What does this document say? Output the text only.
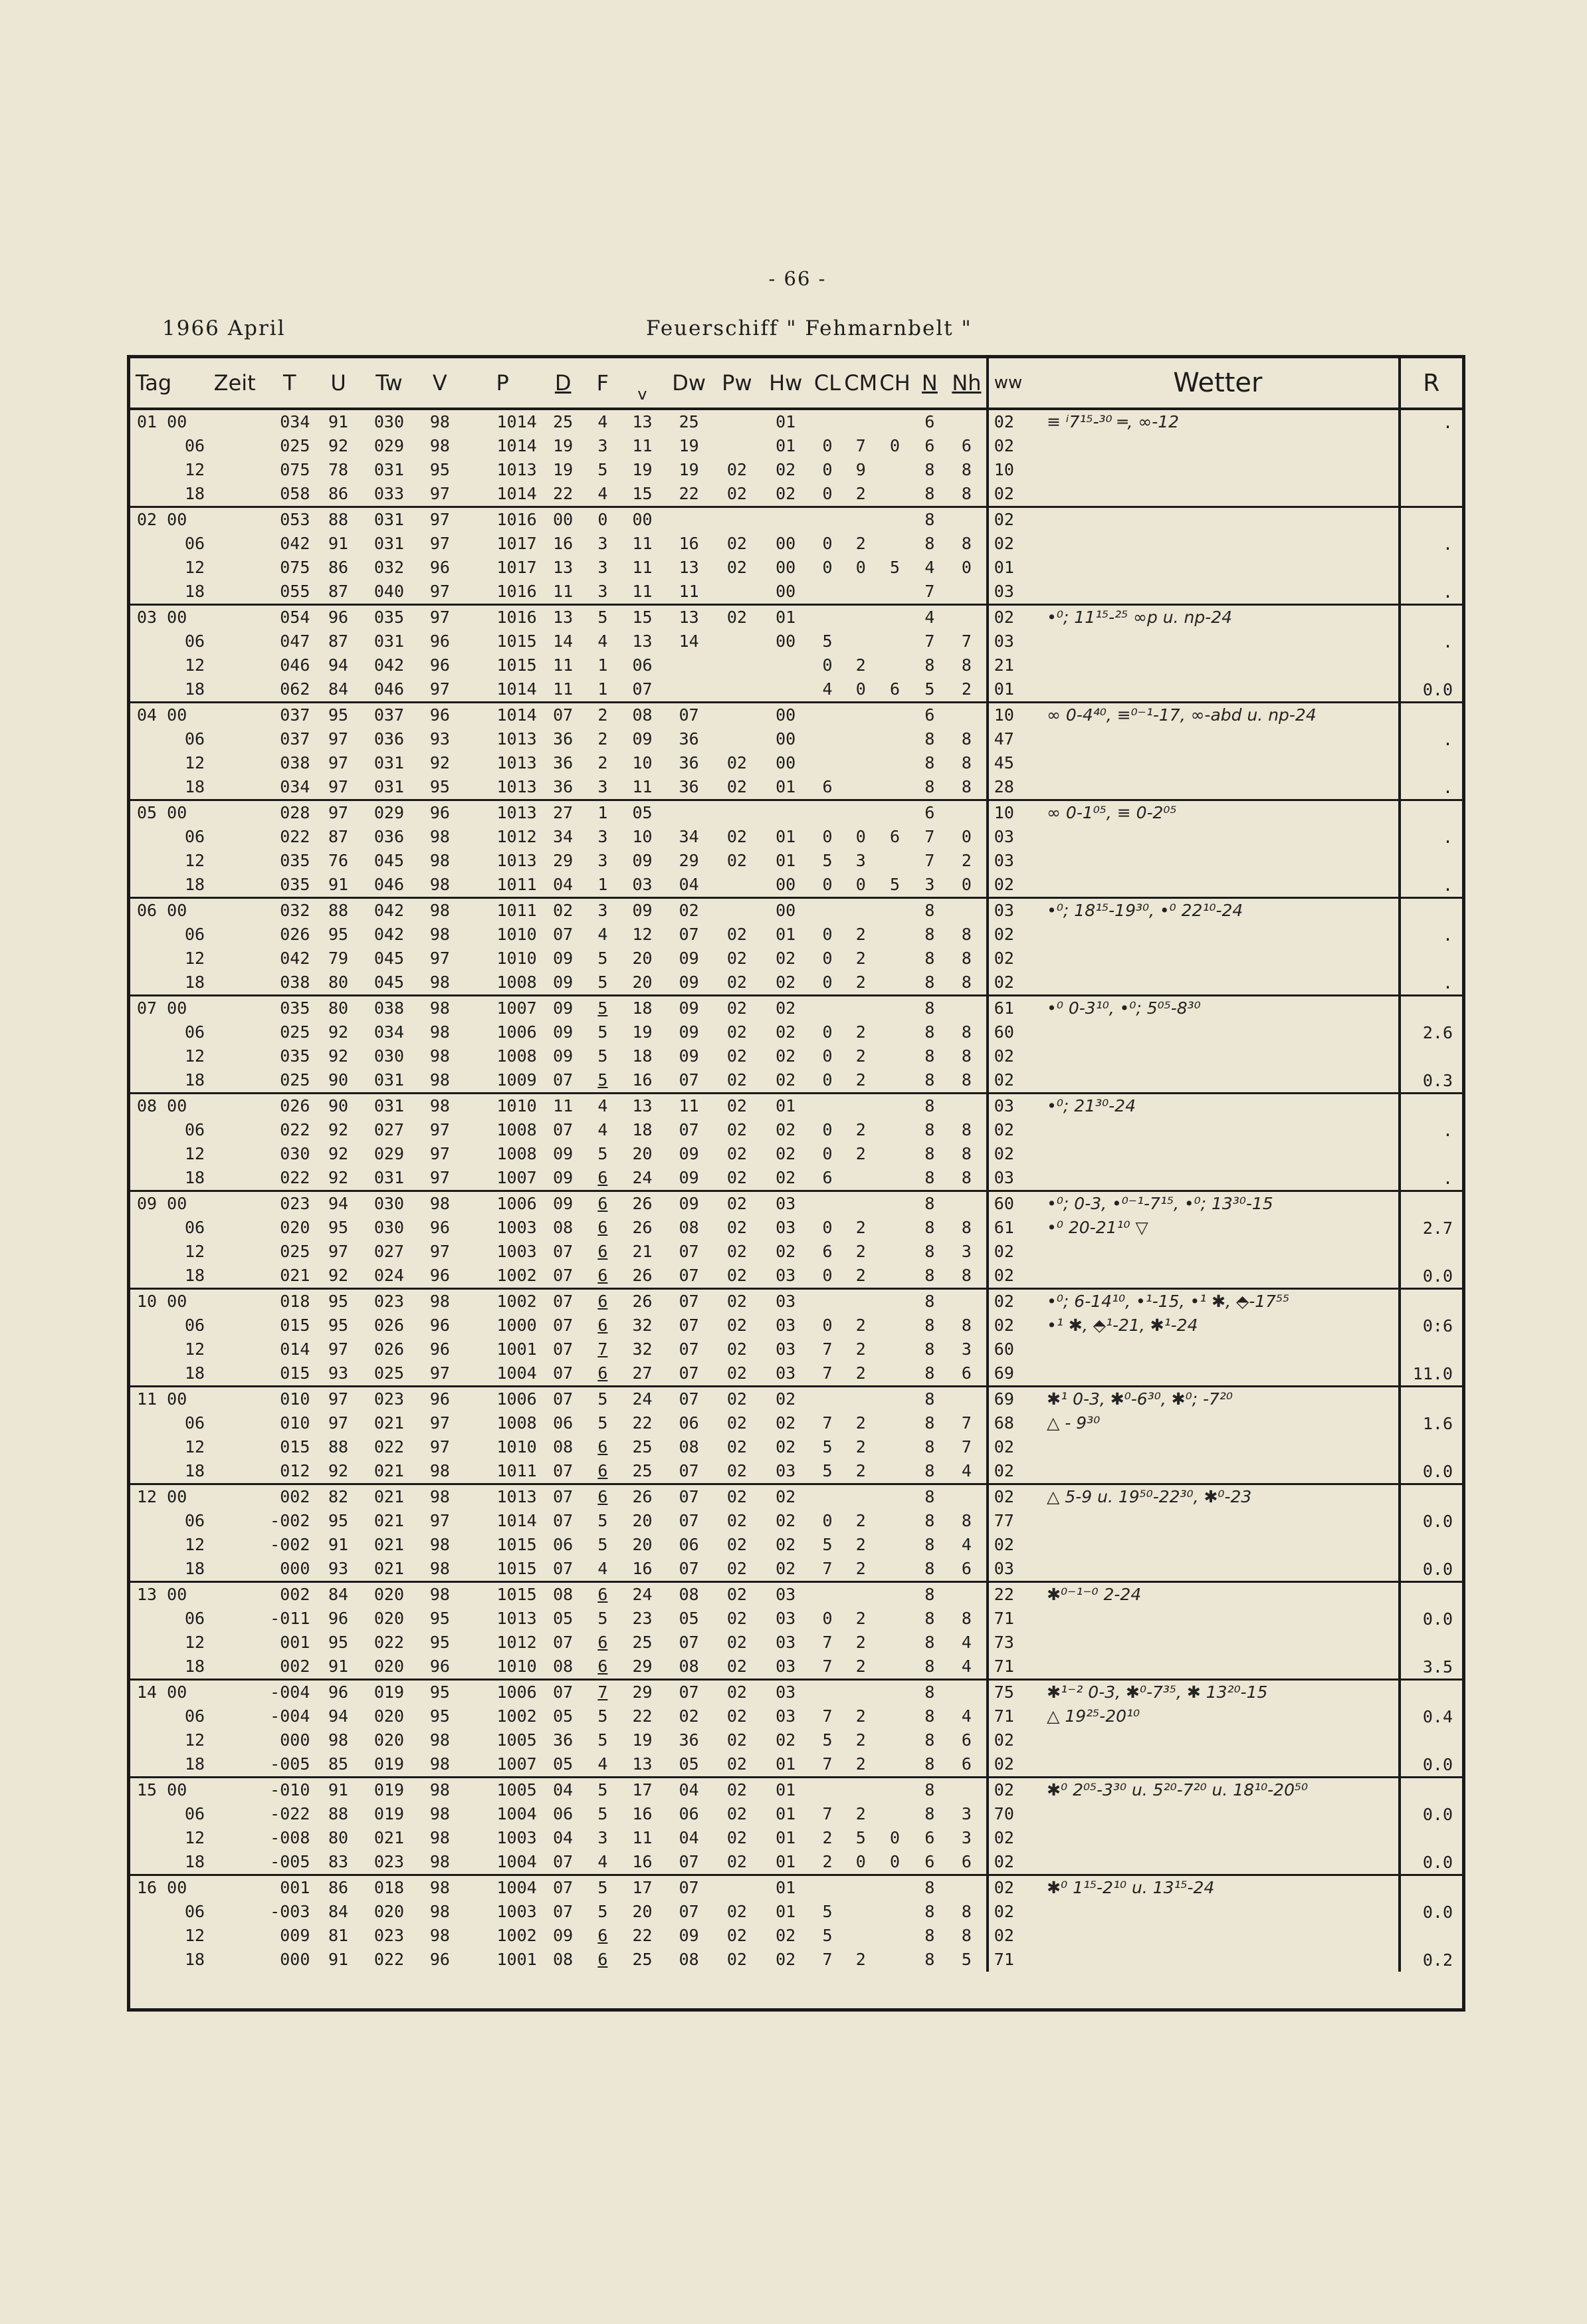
- 66 -
1966 April	Feuerschiff " Fehmarnbelt "
Tag	Zeit	T	U	Tw	V	P	D	F	v	Dw	Pw	Hw	CL	CM	CH	N	Nh	ww	Wetter	R
01 00		034	91	030	98	1014	25	4	13	25		01				6		02	≡ ⁱ7¹⁵-³⁰ ═, ∞-12	.
06		025	92	029	98	1014	19	3	11	19		01	0	7	0	6	6	02		
12		075	78	031	95	1013	19	5	19	19	02	02	0	9		8	8	10		
18		058	86	033	97	1014	22	4	15	22	02	02	0	2		8	8	02		
02 00		053	88	031	97	1016	00	0	00							8		02		
06		042	91	031	97	1017	16	3	11	16	02	00	0	2		8	8	02		.
12		075	86	032	96	1017	13	3	11	13	02	00	0	0	5	4	0	01		
18		055	87	040	97	1016	11	3	11	11		00				7		03		.
03 00		054	96	035	97	1016	13	5	15	13	02	01				4		02	•⁰; 11¹⁵-²⁵ ∞p u. np-24	
06		047	87	031	96	1015	14	4	13	14		00	5			7	7	03		.
12		046	94	042	96	1015	11	1	06				0	2		8	8	21		
18		062	84	046	97	1014	11	1	07				4	0	6	5	2	01		0.0
04 00		037	95	037	96	1014	07	2	08	07		00				6		10	∞ 0-4⁴⁰, ≡⁰⁻¹-17, ∞-abd u. np-24	
06		037	97	036	93	1013	36	2	09	36		00				8	8	47		.
12		038	97	031	92	1013	36	2	10	36	02	00				8	8	45		
18		034	97	031	95	1013	36	3	11	36	02	01	6			8	8	28		.
05 00		028	97	029	96	1013	27	1	05							6		10	∞ 0-1⁰⁵, ≡ 0-2⁰⁵	
06		022	87	036	98	1012	34	3	10	34	02	01	0	0	6	7	0	03		.
12		035	76	045	98	1013	29	3	09	29	02	01	5	3		7	2	03		
18		035	91	046	98	1011	04	1	03	04		00	0	0	5	3	0	02		.
06 00		032	88	042	98	1011	02	3	09	02		00				8		03	•⁰; 18¹⁵-19³⁰, •⁰ 22¹⁰-24	
06		026	95	042	98	1010	07	4	12	07	02	01	0	2		8	8	02		.
12		042	79	045	97	1010	09	5	20	09	02	02	0	2		8	8	02		
18		038	80	045	98	1008	09	5	20	09	02	02	0	2		8	8	02		.
07 00		035	80	038	98	1007	09	5	18	09	02	02				8		61	•⁰ 0-3¹⁰, •⁰; 5⁰⁵-8³⁰	
06		025	92	034	98	1006	09	5	19	09	02	02	0	2		8	8	60		2.6
12		035	92	030	98	1008	09	5	18	09	02	02	0	2		8	8	02		
18		025	90	031	98	1009	07	5	16	07	02	02	0	2		8	8	02		0.3
08 00		026	90	031	98	1010	11	4	13	11	02	01				8		03	•⁰; 21³⁰-24	
06		022	92	027	97	1008	07	4	18	07	02	02	0	2		8	8	02		.
12		030	92	029	97	1008	09	5	20	09	02	02	0	2		8	8	02		
18		022	92	031	97	1007	09	6	24	09	02	02	6			8	8	03		.
09 00		023	94	030	98	1006	09	6	26	09	02	03				8		60	•⁰; 0-3, •⁰⁻¹-7¹⁵, •⁰; 13³⁰-15	
06		020	95	030	96	1003	08	6	26	08	02	03	0	2		8	8	61	•⁰ 20-21¹⁰ ▽	2.7
12		025	97	027	97	1003	07	6	21	07	02	02	6	2		8	3	02		
18		021	92	024	96	1002	07	6	26	07	02	03	0	2		8	8	02		0.0
10 00		018	95	023	98	1002	07	6	26	07	02	03				8		02	•⁰; 6-14¹⁰, •¹-15, •¹ ✱, ⬘-17⁵⁵	
06		015	95	026	96	1000	07	6	32	07	02	03	0	2		8	8	02	•¹ ✱, ⬘¹-21, ✱¹-24	0:6
12		014	97	026	96	1001	07	7	32	07	02	03	7	2		8	3	60		
18		015	93	025	97	1004	07	6	27	07	02	03	7	2		8	6	69		11.0
11 00		010	97	023	96	1006	07	5	24	07	02	02				8		69	✱¹ 0-3, ✱⁰-6³⁰, ✱⁰; -7²⁰	
06		010	97	021	97	1008	06	5	22	06	02	02	7	2		8	7	68	△ - 9³⁰	1.6
12		015	88	022	97	1010	08	6	25	08	02	02	5	2		8	7	02		
18		012	92	021	98	1011	07	6	25	07	02	03	5	2		8	4	02		0.0
12 00		002	82	021	98	1013	07	6	26	07	02	02				8		02	△ 5-9 u. 19⁵⁰-22³⁰, ✱⁰-23	
06		-002	95	021	97	1014	07	5	20	07	02	02	0	2		8	8	77		0.0
12		-002	91	021	98	1015	06	5	20	06	02	02	5	2		8	4	02		
18		000	93	021	98	1015	07	4	16	07	02	02	7	2		8	6	03		0.0
13 00		002	84	020	98	1015	08	6	24	08	02	03				8		22	✱⁰⁻¹⁻⁰ 2-24	
06		-011	96	020	95	1013	05	5	23	05	02	03	0	2		8	8	71		0.0
12		001	95	022	95	1012	07	6	25	07	02	03	7	2		8	4	73		
18		002	91	020	96	1010	08	6	29	08	02	03	7	2		8	4	71		3.5
14 00		-004	96	019	95	1006	07	7	29	07	02	03				8		75	✱¹⁻² 0-3, ✱⁰-7³⁵, ✱ 13²⁰-15	
06		-004	94	020	95	1002	05	5	22	02	02	03	7	2		8	4	71	△ 19²⁵-20¹⁰	0.4
12		000	98	020	98	1005	36	5	19	36	02	02	5	2		8	6	02		
18		-005	85	019	98	1007	05	4	13	05	02	01	7	2		8	6	02		0.0
15 00		-010	91	019	98	1005	04	5	17	04	02	01				8		02	✱⁰ 2⁰⁵-3³⁰ u. 5²⁰-7²⁰ u. 18¹⁰-20⁵⁰	
06		-022	88	019	98	1004	06	5	16	06	02	01	7	2		8	3	70		0.0
12		-008	80	021	98	1003	04	3	11	04	02	01	2	5	0	6	3	02		
18		-005	83	023	98	1004	07	4	16	07	02	01	2	0	0	6	6	02		0.0
16 00		001	86	018	98	1004	07	5	17	07		01				8		02	✱⁰ 1¹⁵-2¹⁰ u. 13¹⁵-24	
06		-003	84	020	98	1003	07	5	20	07	02	01	5			8	8	02		0.0
12		009	81	023	98	1002	09	6	22	09	02	02	5			8	8	02		
18		000	91	022	96	1001	08	6	25	08	02	02	7	2		8	5	71		0.2
